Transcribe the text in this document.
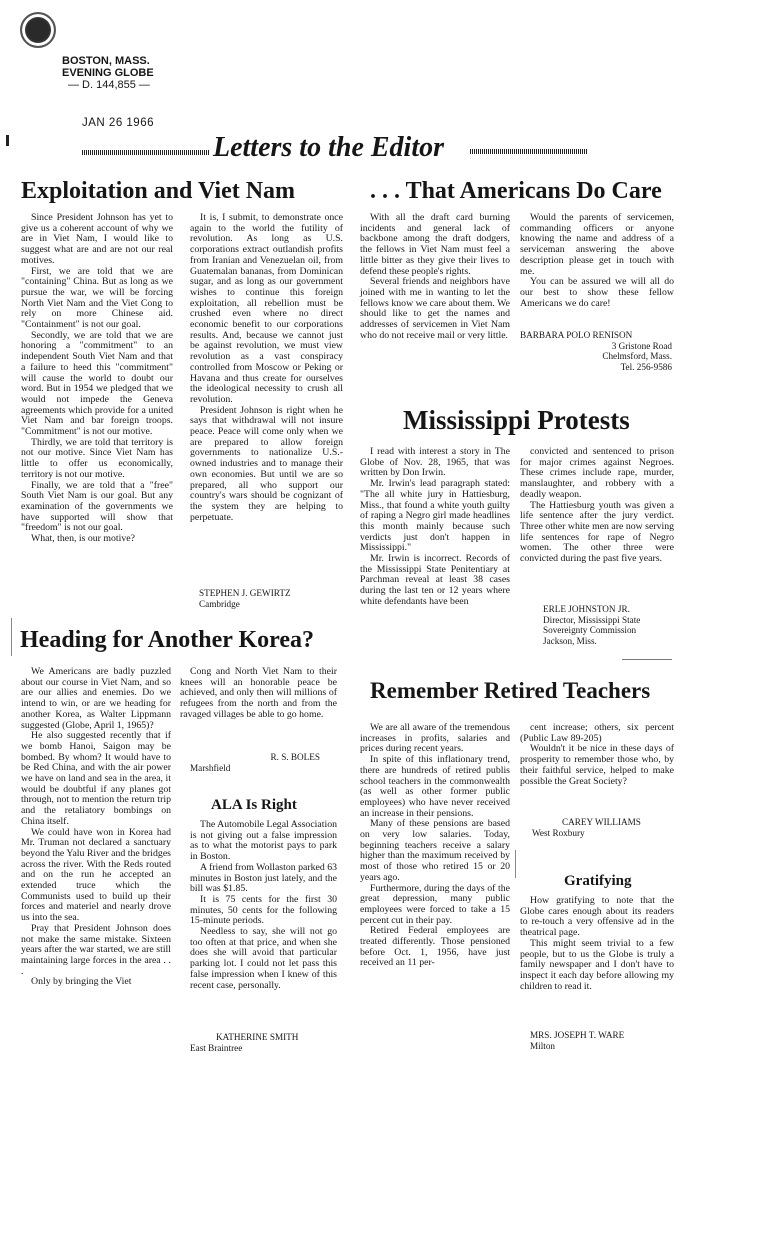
BOSTON, MASS.
EVENING GLOBE
— D. 144,855 —
JAN 26 1966
Letters to the Editor
Exploitation and Viet Nam

Since President Johnson has yet to give us a coherent account of why we are in Viet Nam, I would like to suggest what are and are not our real motives.

First, we are told that we are "containing" China. But as long as we pursue the war, we will be forcing North Viet Nam and the Viet Cong to rely on more Chinese aid. "Containment" is not our goal.

Secondly, we are told that we are honoring a "commitment" to an independent South Viet Nam and that a failure to heed this "commitment" will cause the world to doubt our word. But in 1954 we pledged that we would not impede the Geneva agreements which provide for a united Viet Nam and bar foreign troops. "Commitment" is not our motive.

Thirdly, we are told that territory is not our motive. Since Viet Nam has little to offer us economically, territory is not our motive.

Finally, we are told that a "free" South Viet Nam is our goal. But any examination of the governments we have supported will show that "freedom" is not our goal.

What, then, is our motive?

It is, I submit, to demonstrate once again to the world the futility of revolution. As long as U.S. corporations extract outlandish profits from Iranian and Venezuelan oil, from Guatemalan bananas, from Dominican sugar, and as long as our government wishes to continue this foreign exploitation, all rebellion must be crushed even where no direct economic benefit to our corporations results. And, because we cannot just be against revolution, we must view revolution as a vast conspiracy controlled from Moscow or Peking or Havana and thus create for ourselves the ideological necessity to crush all revolution.

President Johnson is right when he says that withdrawal will not insure peace. Peace will come only when we are prepared to allow foreign governments to nationalize U.S.-owned industries and to manage their own economies. But until we are so prepared, all who support our country's wars should be cognizant of the system they are helping to perpetuate.

STEPHEN J. GEWIRTZ
Cambridge
. . . That Americans Do Care

With all the draft card burning incidents and general lack of backbone among the draft dodgers, the fellows in Viet Nam must feel a little bitter as they give their lives to defend these people's rights.

Several friends and neighbors have joined with me in wanting to let the fellows know we care about them. We should like to get the names and addresses of servicemen in Viet Nam who do not receive mail or very little.

Would the parents of servicemen, commanding officers or anyone knowing the name and address of a serviceman answering the above description please get in touch with me.

You can be assured we will all do our best to show these fellow Americans we do care!

BARBARA POLO RENISON
3 Gristone Road
Chelmsford, Mass.
Tel. 256-9586
Mississippi Protests

I read with interest a story in The Globe of Nov. 28, 1965, that was written by Don Irwin.

Mr. Irwin's lead paragraph stated: "The all white jury in Hattiesburg, Miss., that found a white youth guilty of raping a Negro girl made headlines this month mainly because such verdicts just don't happen in Mississippi."

Mr. Irwin is incorrect. Records of the Mississippi State Penitentiary at Parchman reveal at least 38 cases during the last ten or 12 years where white defendants have been

convicted and sentenced to prison for major crimes against Negroes. These crimes include rape, murder, manslaughter, and robbery with a deadly weapon.

The Hattiesburg youth was given a life sentence after the jury verdict. Three other white men are now serving life sentences for rape of Negro women. The other three were convicted during the past five years.

ERLE JOHNSTON JR.
Director, Mississippi State
Sovereignty Commission
Jackson, Miss.
Heading for Another Korea?

We Americans are badly puzzled about our course in Viet Nam, and so are our allies and enemies. Do we intend to win, or are we heading for another Korea, as Walter Lippmann suggested (Globe, April 1, 1965)?

He also suggested recently that if we bomb Hanoi, Saigon may be bombed. By whom? It would have to be Red China, and with the air power we have on land and sea in the area, it would be doubtful if any planes got through, not to mention the return trip and the retaliatory bombings on China itself.

We could have won in Korea had Mr. Truman not declared a sanctuary beyond the Yalu River and the bridges across the river. With the Reds routed and on the run he accepted an extended truce which the Communists used to build up their forces and materiel and nearly drove us into the sea.

Pray that President Johnson does not make the same mistake. Sixteen years after the war started, we are still maintaining large forces in the area . . .

Only by bringing the Viet

Cong and North Viet Nam to their knees will an honorable peace be achieved, and only then will millions of refugees from the north and from the ravaged villages be able to go home.

R. S. BOLES
Marshfield
ALA Is Right

The Automobile Legal Association is not giving out a false impression as to what the motorist pays to park in Boston.

A friend from Wollaston parked 63 minutes in Boston just lately, and the bill was $1.85.

It is 75 cents for the first 30 minutes, 50 cents for the following 15-minute periods.

Needless to say, she will not go too often at that price, and when she does she will avoid that particular parking lot. I could not let pass this false impression when I knew of this recent case, personally.

KATHERINE SMITH
East Braintree
Remember Retired Teachers

We are all aware of the tremendous increases in profits, salaries and prices during recent years.

In spite of this inflationary trend, there are hundreds of retired publis school teachers in the commonwealth (as well as other former public employees) who have never received an increase in their pensions.

Many of these pensions are based on very low salaries. Today, beginning teachers receive a salary higher than the maximum received by most of those who retired 15 or 20 years ago.

Furthermore, during the days of the great depression, many public employees were forced to take a 15 percent cut in their pay.

Retired Federal employees are treated differently. Those pensioned before Oct. 1, 1956, have just received an 11 per-

cent increase; others, six percent (Public Law 89-205)

Wouldn't it be nice in these days of prosperity to remember those who, by their faithful service, helped to make possible the Great Society?

CAREY WILLIAMS
West Roxbury
Gratifying

How gratifying to note that the Globe cares enough about its readers to re-touch a very offensive ad in the theatrical page.

This might seem trivial to a few people, but to us the Globe is truly a family newspaper and I don't have to inspect it each day before allowing my children to read it.

MRS. JOSEPH T. WARE
Milton
